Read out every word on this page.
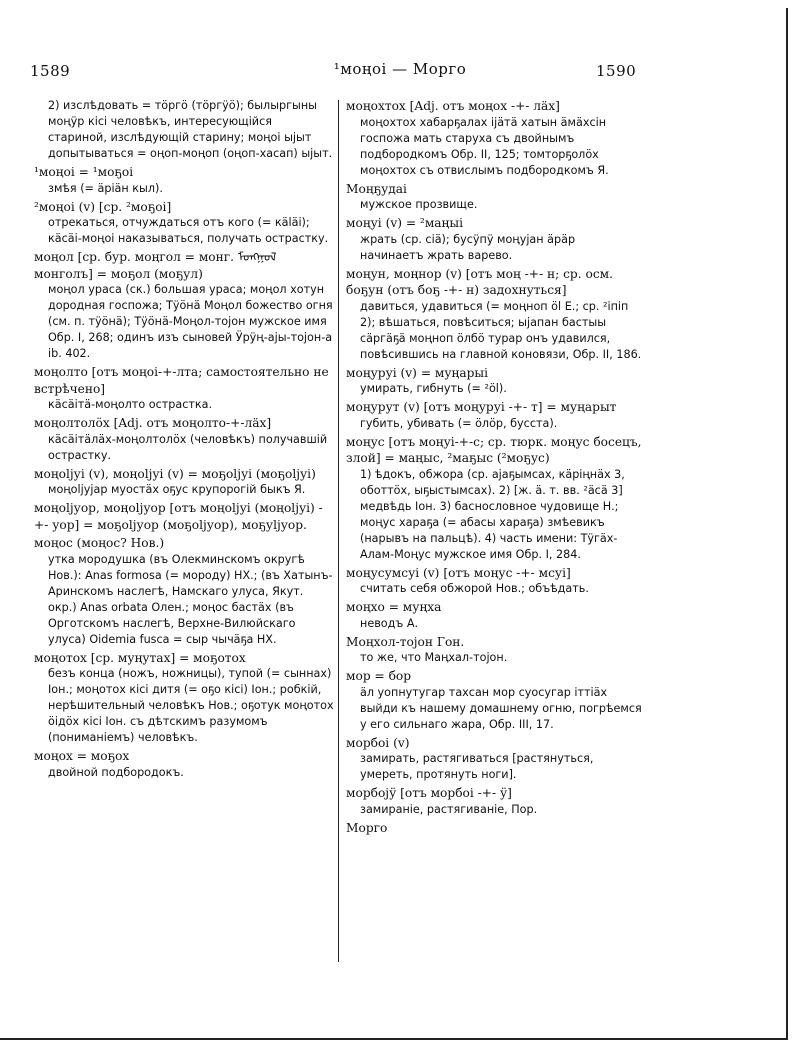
1589	¹моңоі — Морго	1590
2) изслѣдовать = тӧргӧ (тӧргӱӧ); былыргыны моңӱр кісі человѣкъ, интересующійся стариной, изслѣдующій старину; моңоі ыjыт допытываться = оңоп-моңоп (оңоп-хасап) ыjыт.
¹моңоі = ¹моҕоі
змѣя (= äріäн кыл).
²моңоі (v) [ср. ²моҕоі]
отрекаться, отчуждаться отъ кого (= кäläi); кäсäi-моңоі наказываться, получать острастку.
моңол [ср. бур. моңгол = монг. ᠮᠣᠩᠭᠣᠯ монголъ] = моҕол (моҕул)
моңол ураса (ск.) большая ураса; моңол хотун дородная госпожа; Тӱӧнä Моңол божество огня (см. п. тӱӧнä); Тӱӧнä-Моңол-тоjон мужское имя Обр. I, 268; одинъ изъ сыновей Ӱрӱң-аjы-тоjон-а ib. 402.
моңолто [отъ моңоі-+-лта; самостоятельно не встрѣчено]
кäсäiтä-моңолто острастка.
моңолтолӧх [Adj. отъ моңолто-+-лäх]
кäсäiтäлäх-моңолтолӧх (человѣкъ) получавшій острастку.
моңоljуі (v), моңоljуі (v) = моҕоljуі (моҕоljуі)
моңоljуjар муостäх оҕус крупорогій быкъ Я.
моңоljуор, моңоljуор [отъ моңоljуі (моңоljуі) -+- уор] = моҕоljуор (моҕоljуор), моҕуljуор.
моңос (моңос? Нов.)
утка мородушка (въ Олекминскомъ округѣ Нов.): Anas formosa (= мороду) НХ.; (въ Хатынъ-Аринскомъ наслегѣ, Намскаго улуса, Якут. окр.) Anas orbata Олен.; моңос бастäх (въ Орготскомъ наслегѣ, Верхне-Вилюйскаго улуса) Oidemia fusca = сыр чычäҕа НХ.
моңотох [ср. муңутах] = моҕотох
безъ конца (ножъ, ножницы), тупой (= сыннах) Іон.; моңотох кісі дитя (= оҕо кісі) Іон.; робкій, нерѣшительный человѣкъ Нов.; оҕотук моңотох öiдöх кісі Іон. съ дѣтскимъ разумомъ (пониманіемъ) человѣкъ.
моңох = моҕох
двойной подбородокъ.
моңохтох [Adj. отъ моңох -+- лäх]
моңохтох хабарҕалах іjäтä хатын äмäхсін госпожа мать старуха съ двойнымъ подбородкомъ Обр. II, 125; томторҕолӧх моңохтох съ отвислымъ подбородкомъ Я.
Моңҕудаі
мужское прозвище.
моңуі (v) = ²маңыі
жрать (ср. сіä); бусӱпӱ моңуjан äрäр начинаетъ жрать варево.
моңун, моңнор (v) [отъ моң -+- н; ср. осм. боҕун (отъ боҕ -+- н) задохнуться]
давиться, удавиться (= моңноп öl Е.; ср. ²іпіп 2); вѣшаться, повѣситься; ыjапан бастыы сäргäҕä моңноп öлбö турар онъ удавился, повѣсившись на главной коновязи, Обр. II, 186.
моңуруі (v) = муңарыі
умирать, гибнуть (= ²öl).
моңурут (v) [отъ моңуруі -+- т] = муңарыт
губить, убивать (= öлöр, бусста).
моңус [отъ моңуі-+-с; ср. тюрк. моңус босецъ, злой] = маңыс, ²маҕыс (²моҕус)
1) ѣдокъ, обжора (ср. аjаҕымсах, кäріңнäх 3, оботтӧх, ыҕыстымсах). 2) [ж. ä. т. вв. ²äсä 3] медвѣдь Іон. 3) баснословное чудовище Н.; моңус хараҕа (= абасы хараҕа) змѣевикъ (нарывъ на пальцѣ). 4) часть имени: Тӱгäх-Алам-Моңус мужское имя Обр. I, 284.
моңусумсуі (v) [отъ моңус -+- мсуі]
считать себя обжорой Нов.; объѣдать.
моңхо = муңха
неводъ А.
Моңхол-тоjон Гон.
то же, что Маңхал-тоjон.
мор = бор
äл уопнутугар тахсан мор суосугар іттiäх выйди къ нашему домашнему огню, погрѣемся у его сильнаго жара, Обр. III, 17.
морбоі (v)
замирать, растягиваться [растянуться, умереть, протянуть ноги].
морбоjӱ [отъ морбоі -+- ӱ]
замираніе, растягиваніе, Пор.
Морго
